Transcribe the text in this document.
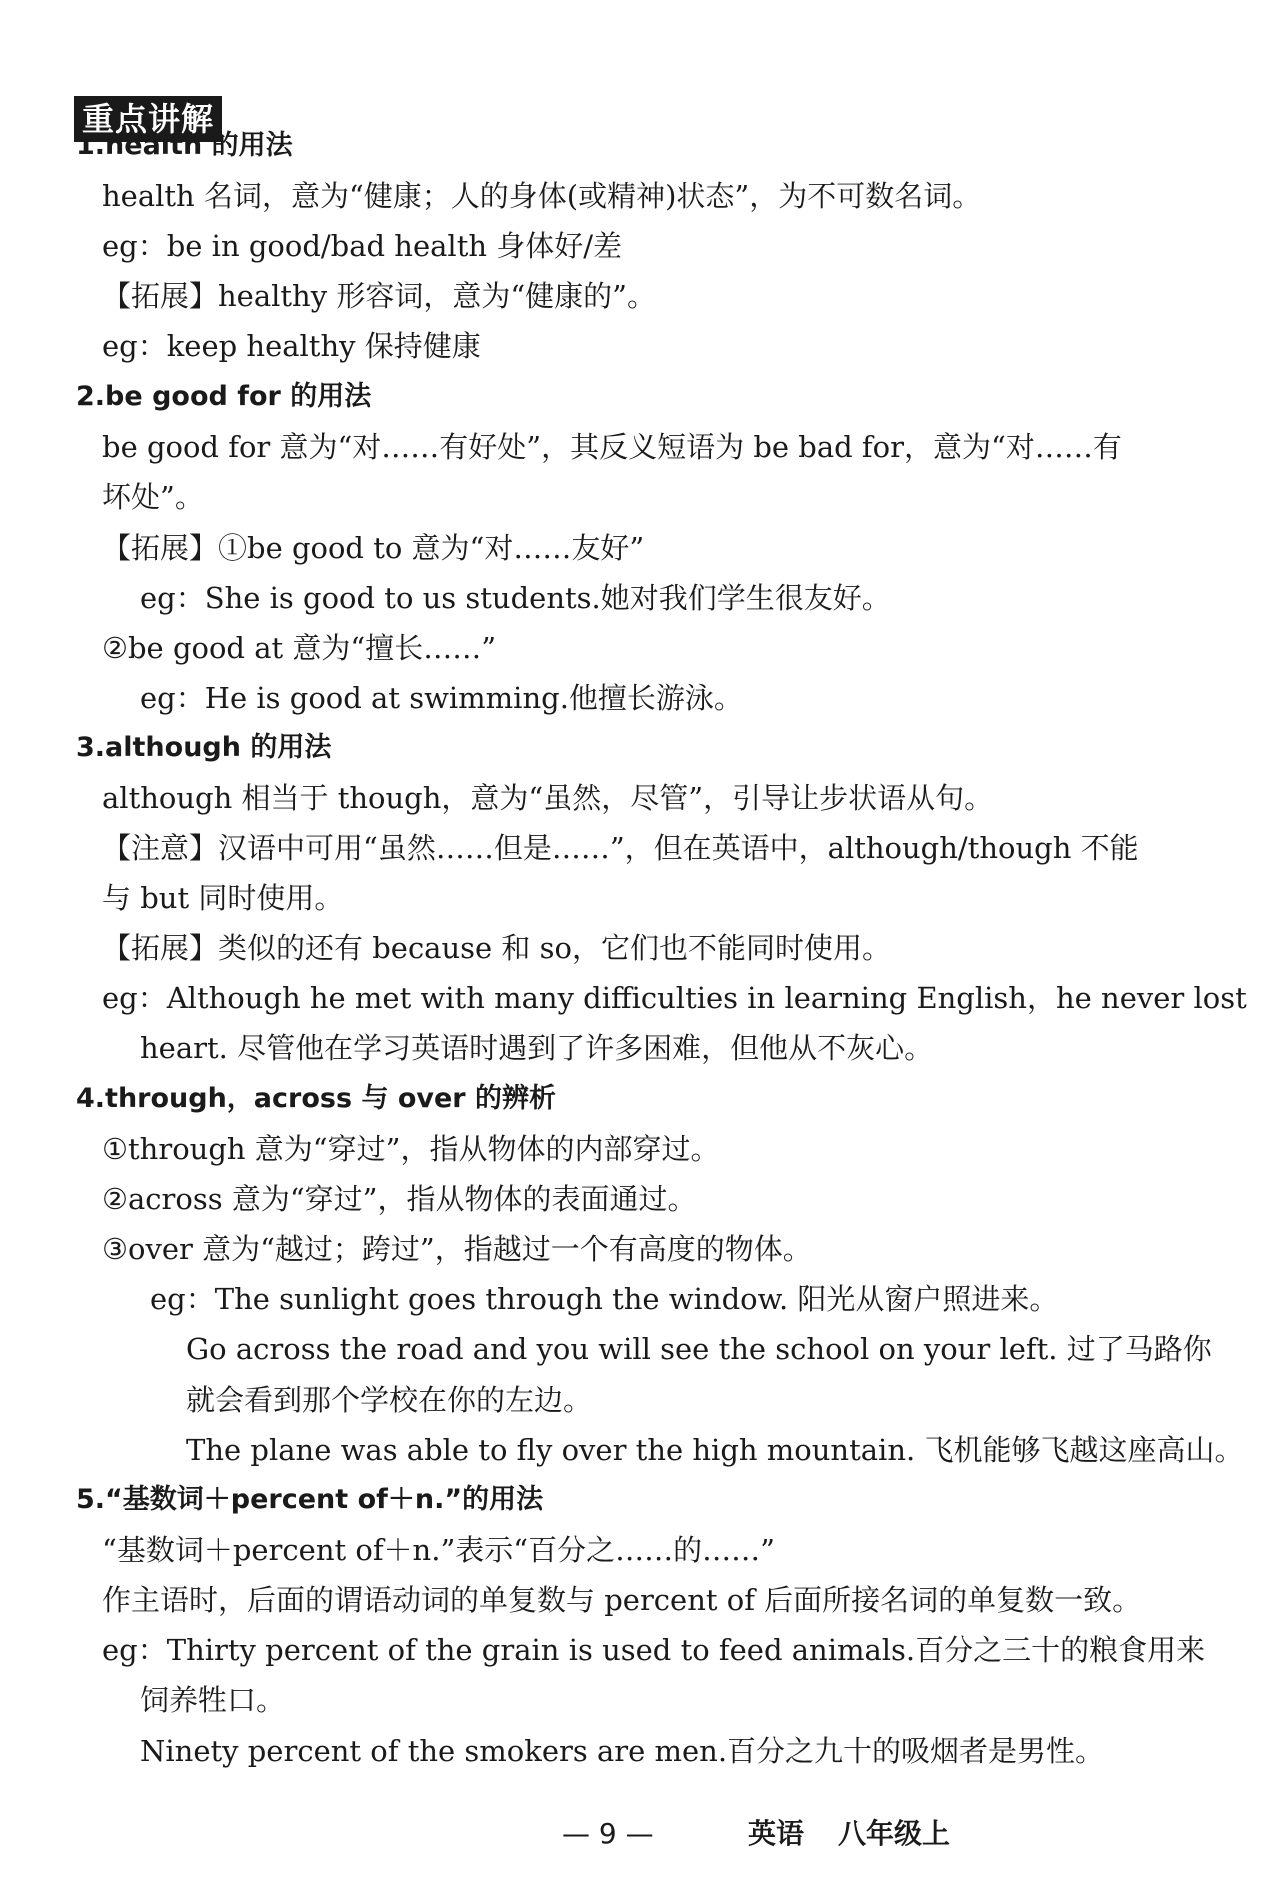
重点讲解
1.health 的用法
health 名词，意为“健康；人的身体(或精神)状态”，为不可数名词。
eg：be in good/bad health 身体好/差
【拓展】healthy 形容词，意为“健康的”。
eg：keep healthy 保持健康
2.be good for 的用法
be good for 意为“对……有好处”，其反义短语为 be bad for，意为“对……有
坏处”。
【拓展】①be good to 意为“对……友好”
eg：She is good to us students.她对我们学生很友好。
②be good at 意为“擅长……”
eg：He is good at swimming.他擅长游泳。
3.although 的用法
although 相当于 though，意为“虽然，尽管”，引导让步状语从句。
【注意】汉语中可用“虽然……但是……”，但在英语中，although/though 不能
与 but 同时使用。
【拓展】类似的还有 because 和 so，它们也不能同时使用。
eg：Although he met with many difficulties in learning English，he never lost
heart. 尽管他在学习英语时遇到了许多困难，但他从不灰心。
4.through，across 与 over 的辨析
①through 意为“穿过”，指从物体的内部穿过。
②across 意为“穿过”，指从物体的表面通过。
③over 意为“越过；跨过”，指越过一个有高度的物体。
eg：The sunlight goes through the window. 阳光从窗户照进来。
Go across the road and you will see the school on your left. 过了马路你
就会看到那个学校在你的左边。
The plane was able to fly over the high mountain. 飞机能够飞越这座高山。
5.“基数词＋percent of＋n.”的用法
“基数词＋percent of＋n.”表示“百分之……的……”
作主语时，后面的谓语动词的单复数与 percent of 后面所接名词的单复数一致。
eg：Thirty percent of the grain is used to feed animals.百分之三十的粮食用来
饲养牲口。
Ninety percent of the smokers are men.百分之九十的吸烟者是男性。
— 9 —	英语 八年级上
